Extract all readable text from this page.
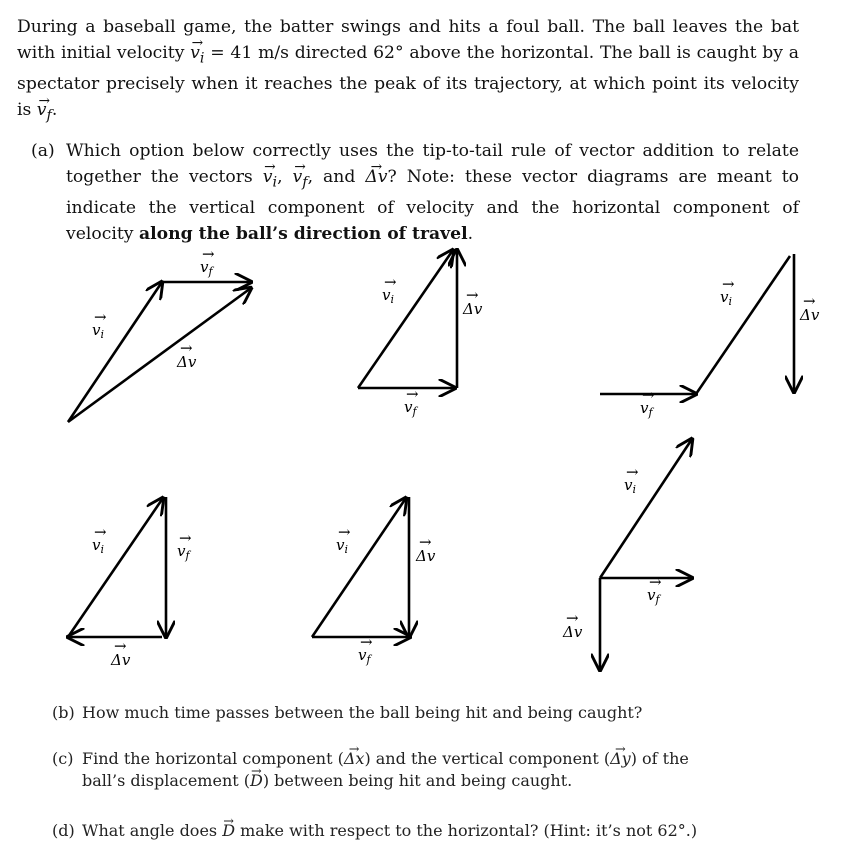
During a baseball game, the batter swings and hits a foul ball. The ball leaves the bat with initial velocity → $v_i = 41$ m/s directed 62° above the horizontal. The ball is caught by a spectator precisely when it reaches the peak of its trajectory, at which point its velocity is → $v_f$.
(a) Which option below correctly uses the tip-to-tail rule of vector addition to relate together the vectors → $v_i$, → $v_f$, and → Δv? Note: these vector diagrams are meant to indicate the vertical component of velocity and the horizontal component of velocity along the ball’s direction of travel.
$v_f$
→
$v_i$
→
Δv
→
$v_i$
→
Δv
→
$v_f$
→
$v_i$
→
Δv
→
$v_f$
→
$v_i$
→
$v_f$
→
Δv
→
$v_i$
→
Δv
→
$v_f$
→
$v_i$
→
$v_f$
→
Δv
→
(b) How much time passes between the ball being hit and being caught?
(c) Find the horizontal component (→ Δx) and the vertical component (→ Δy) of the ball’s displacement (→ D) between being hit and being caught.
(d) What angle does → D make with respect to the horizontal? (Hint: it’s not 62°.)
